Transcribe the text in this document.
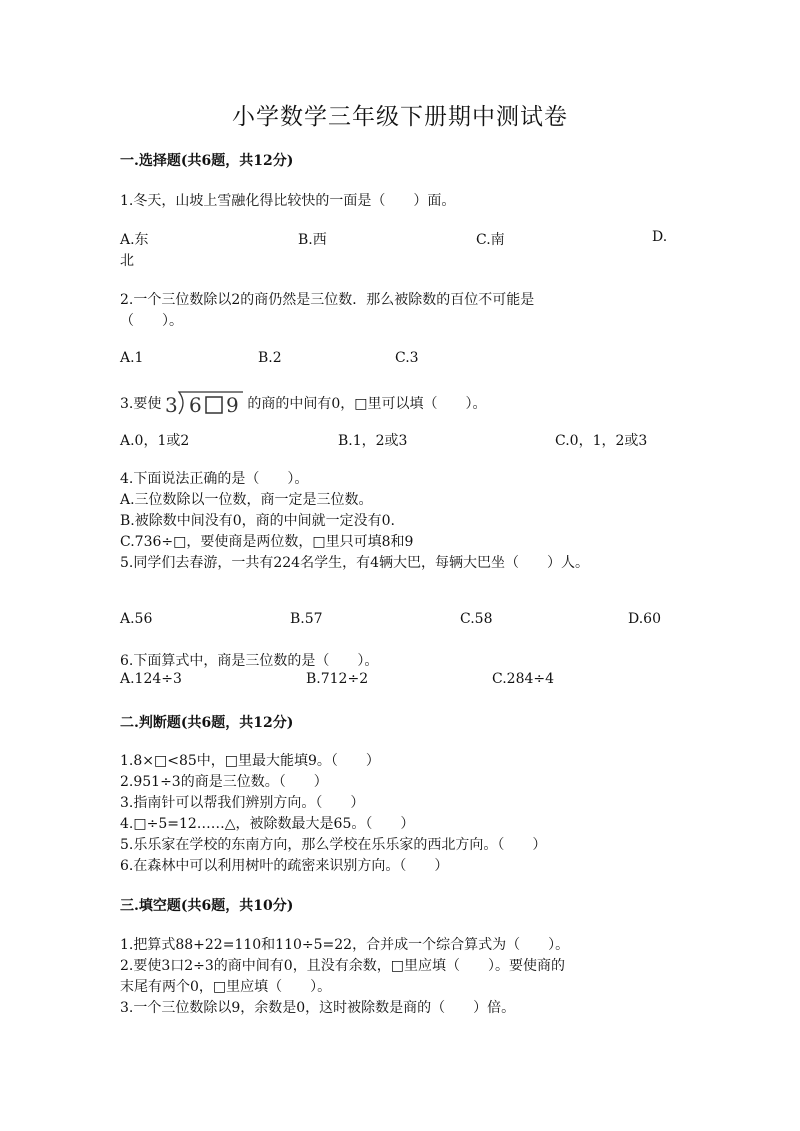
小学数学三年级下册期中测试卷
一.选择题(共6题，共12分)
1.冬天，山坡上雪融化得比较快的一面是（　　）面。
A.东	B.西	C.南	D.
北
2.一个三位数除以2的商仍然是三位数．那么被除数的百位不可能是
（　　）。
A.1	B.2	C.3
3.要使 3 6 9 的商的中间有0，□里可以填（　　）。
A.0，1或2	B.1，2或3	C.0，1，2或3
4.下面说法正确的是（　　）。
A.三位数除以一位数，商一定是三位数。
B.被除数中间没有0，商的中间就一定没有0.
C.736÷□，要使商是两位数，□里只可填8和9
5.同学们去春游，一共有224名学生，有4辆大巴，每辆大巴坐（　　）人。
A.56	B.57	C.58	D.60
6.下面算式中，商是三位数的是（　　）。
A.124÷3	B.712÷2	C.284÷4
二.判断题(共6题，共12分)
1.8×□<85中，□里最大能填9。（　　）
2.951÷3的商是三位数。（　　）
3.指南针可以帮我们辨别方向。（　　）
4.□÷5=12……△，被除数最大是65。（　　）
5.乐乐家在学校的东南方向，那么学校在乐乐家的西北方向。（　　）
6.在森林中可以利用树叶的疏密来识别方向。（　　）
三.填空题(共6题，共10分)
1.把算式88+22=110和110÷5=22，合并成一个综合算式为（　　）。
2.要使3口2÷3的商中间有0，且没有余数，□里应填（　　）。要使商的
末尾有两个0，□里应填（　　）。
3.一个三位数除以9，余数是0，这时被除数是商的（　　）倍。
